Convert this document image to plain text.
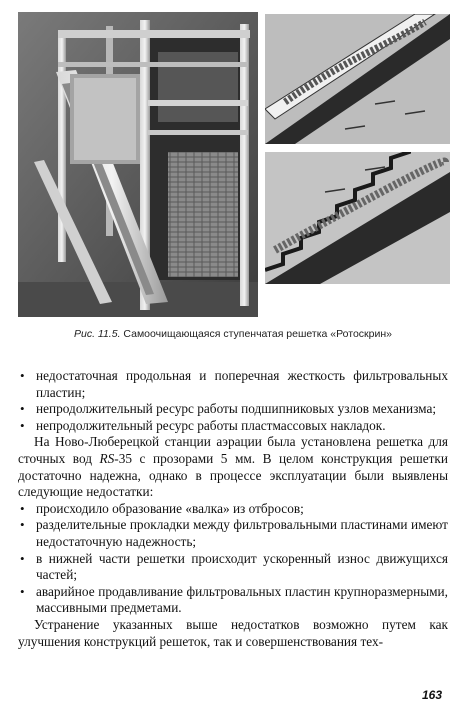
Рис. 11.5. Самоочищающаяся ступенчатая решетка «Ротоскрин»
• недостаточная продольная и поперечная жесткость фильтровальных пластин;
• непродолжительный ресурс работы подшипниковых узлов механизма;
• непродолжительный ресурс работы пластмассовых накладок.

На Ново-Люберецкой станции аэрации была установлена решетка для сточных вод RS-35 с прозорами 5 мм. В целом конструкция решетки достаточно надежна, однако в процессе эксплуатации были выявлены следующие недостатки:

• происходило образование «валка» из отбросов;
• разделительные прокладки между фильтровальными пластинами имеют недостаточную надежность;
• в нижней части решетки происходит ускоренный износ движущихся частей;
• аварийное продавливание фильтровальных пластин крупноразмерными, массивными предметами.

Устранение указанных выше недостатков возможно путем как улучшения конструкций решеток, так и совершенствования тех-

163
